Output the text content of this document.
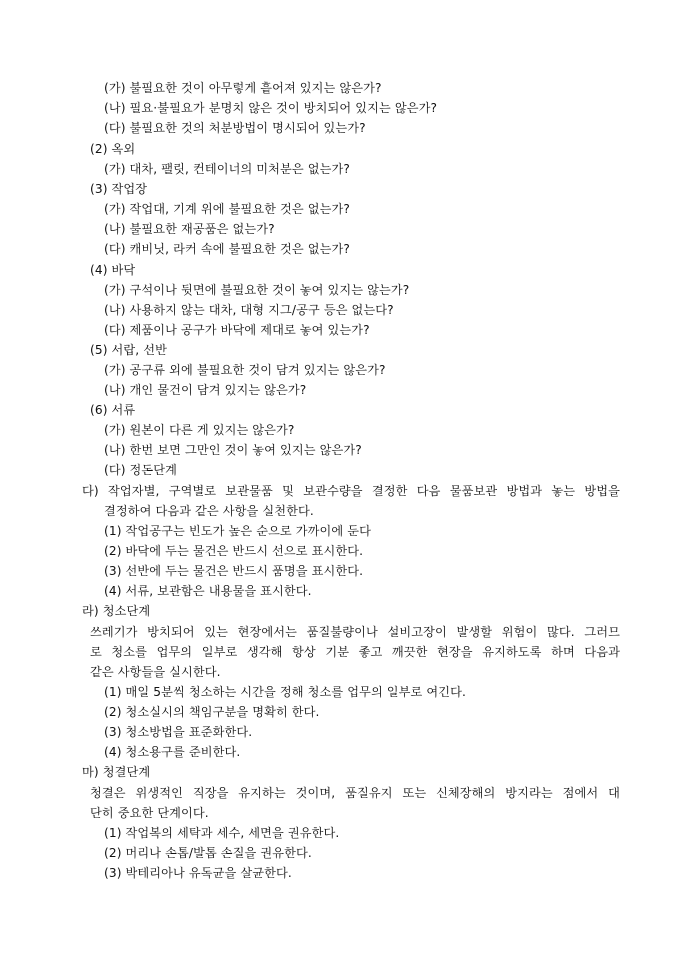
(가) 불필요한 것이 아무렇게 흩어져 있지는 않은가?
(나) 필요·불필요가 분명치 않은 것이 방치되어 있지는 않은가?
(다) 불필요한 것의 처분방법이 명시되어 있는가?
(2) 옥외
(가) 대차, 팰릿, 컨테이너의 미처분은 없는가?
(3) 작업장
(가) 작업대, 기계 위에 불필요한 것은 없는가?
(나) 불필요한 재공품은 없는가?
(다) 캐비닛, 라커 속에 불필요한 것은 없는가?
(4) 바닥
(가) 구석이나 뒷면에 불필요한 것이 놓여 있지는 않는가?
(나) 사용하지 않는 대차, 대형 지그/공구 등은 없는다?
(다) 제품이나 공구가 바닥에 제대로 놓여 있는가?
(5) 서랍, 선반
(가) 공구류 외에 불필요한 것이 담겨 있지는 않은가?
(나) 개인 물건이 담겨 있지는 않은가?
(6) 서류
(가) 원본이 다른 게 있지는 않은가?
(나) 한번 보면 그만인 것이 놓여 있지는 않은가?
(다) 정돈단계
다) 작업자별, 구역별로 보관물품 및 보관수량을 결정한 다음 물품보관 방법과 놓는 방법을
결정하여 다음과 같은 사항을 실천한다.
(1) 작업공구는 빈도가 높은 순으로 가까이에 둔다
(2) 바닥에 두는 물건은 반드시 선으로 표시한다.
(3) 선반에 두는 물건은 반드시 품명을 표시한다.
(4) 서류, 보관함은 내용물을 표시한다.
라) 청소단계
쓰레기가 방치되어 있는 현장에서는 품질불량이나 설비고장이 발생할 위험이 많다. 그러므
로 청소를 업무의 일부로 생각해 항상 기분 좋고 깨끗한 현장을 유지하도록 하며 다음과
같은 사항들을 실시한다.
(1) 매일 5분씩 청소하는 시간을 정해 청소를 업무의 일부로 여긴다.
(2) 청소실시의 책임구분을 명확히 한다.
(3) 청소방법을 표준화한다.
(4) 청소용구를 준비한다.
마) 청결단계
청결은 위생적인 직장을 유지하는 것이며, 품질유지 또는 신체장해의 방지라는 점에서 대
단히 중요한 단계이다.
(1) 작업복의 세탁과 세수, 세면을 권유한다.
(2) 머리나 손톱/발톱 손질을 권유한다.
(3) 박테리아나 유독균을 살균한다.
